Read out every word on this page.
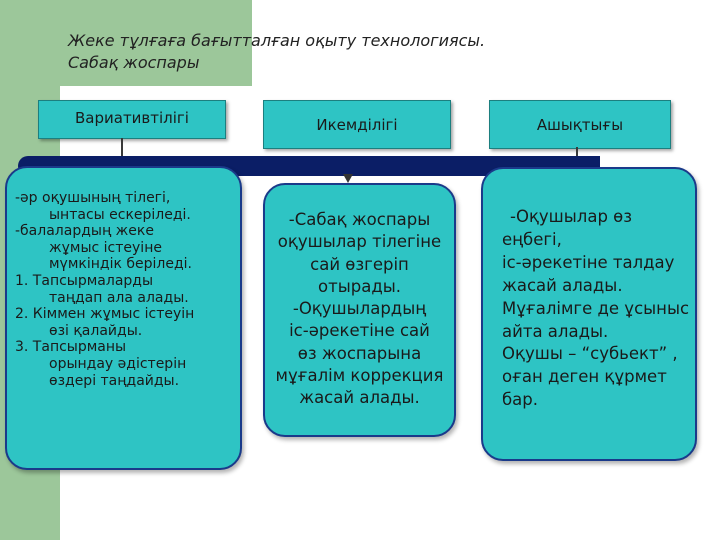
Жеке тұлғаға бағытталған оқыту технологиясы.
Сабақ жоспары
Вариативтілігі	Икемділігі	Ашықтығы
-әр оқушының тілегі,
ынтасы ескеріледі.
-балалардың жеке
жұмыс істеуіне
мүмкіндік беріледі.
1. Тапсырмаларды
таңдап ала алады.
2. Кіммен жұмыс істеуін
өзі қалайды.
3. Тапсырманы
орындау әдістерін
өздері таңдайды.
-Сабақ жоспары
оқушылар тілегіне
сай өзгеріп
отырады.
-Оқушылардың
іс-әрекетіне сай
өз жоспарына
мұғалім коррекция
жасай алады.
-Оқушылар өз
еңбегі,
іс-әрекетіне талдау
жасай алады.
Мұғалімге де ұсыныс
айта алады.
Оқушы – “субьект” ,
оған деген құрмет
бар.
